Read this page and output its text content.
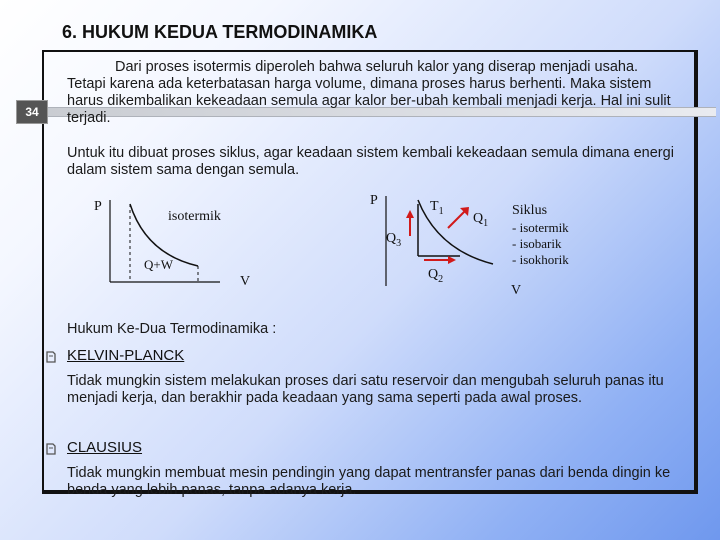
6. HUKUM KEDUA TERMODINAMIKA
34
Dari proses isotermis diperoleh bahwa seluruh kalor yang diserap menjadi usaha. Tetapi karena ada keterbatasan harga volume, dimana proses harus berhenti. Maka sistem harus dikembalikan kekeadaan semula agar kalor ber-ubah kembali menjadi kerja. Hal ini sulit terjadi.
Untuk itu dibuat proses siklus, agar keadaan sistem kembali kekeadaan semula dimana energi dalam sistem sama dengan semula.
P
isotermik
Q+W
V
P	$T_1$ $Q_1$
$Q_3$
$Q_2$
Siklus
- isotermik
- isobarik
- isokhorik
V
Hukum Ke-Dua Termodinamika :
KELVIN-PLANCK
Tidak mungkin sistem melakukan proses dari satu reservoir dan mengubah seluruh panas itu menjadi kerja, dan berakhir pada keadaan yang sama seperti pada awal proses.
CLAUSIUS
Tidak mungkin membuat mesin pendingin yang dapat mentransfer panas dari benda dingin ke benda yang lebih panas, tanpa adanya kerja.
